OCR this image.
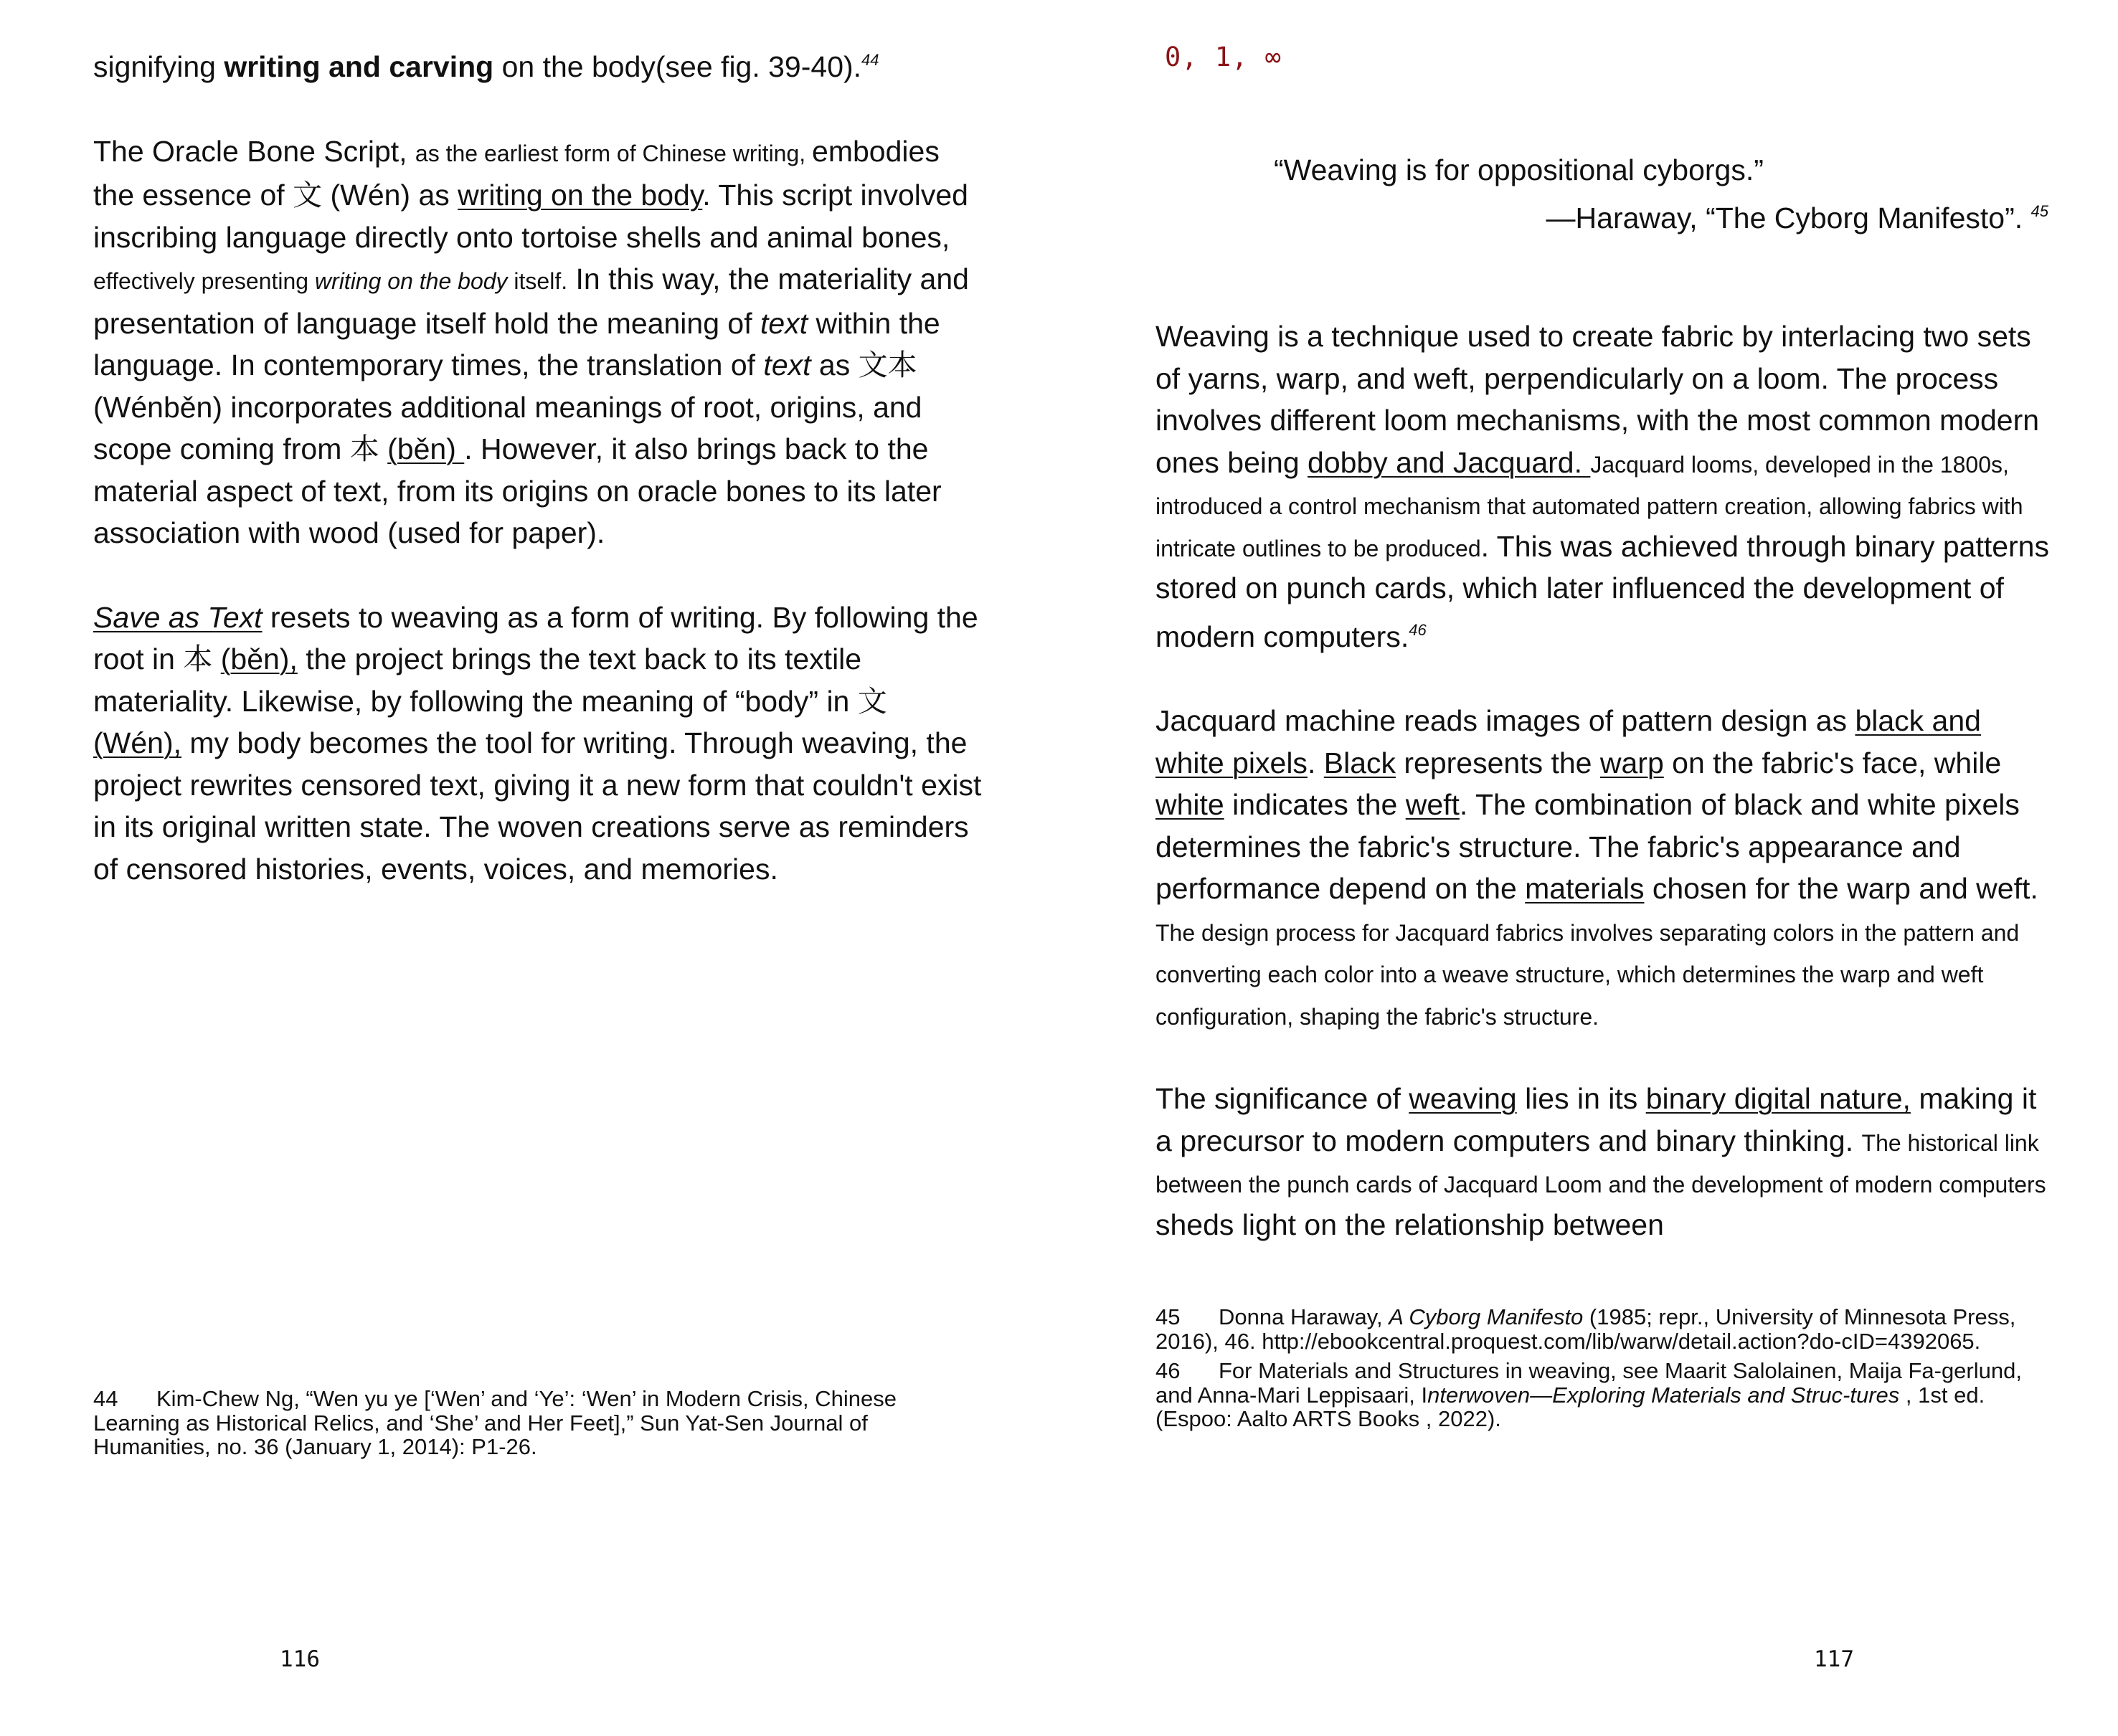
signifying writing and carving on the body(see fig. 39-40).$^{44}$

The Oracle Bone Script, as the earliest form of Chinese writing, embodies the essence of 文 (Wén) as writing on the body. This script involved inscribing language directly onto tortoise shells and animal bones, effectively presenting writing on the body itself. In this way, the materiality and presentation of language itself hold the meaning of text within the language. In contemporary times, the translation of text as 文本 (Wénběn) incorporates additional meanings of root, origins, and scope coming from 本 (běn) . However, it also brings back to the material aspect of text, from its origins on oracle bones to its later association with wood (used for paper).

Save as Text resets to weaving as a form of writing. By following the root in 本 (běn), the project brings the text back to its textile materiality. Likewise, by following the meaning of “body” in 文 (Wén), my body becomes the tool for writing. Through weaving, the project rewrites censored text, giving it a new form that couldn't exist in its original written state. The woven creations serve as reminders of censored histories, events, voices, and memories.

44 Kim-Chew Ng, “Wen yu ye [‘Wen’ and ‘Ye’: ‘Wen’ in Modern Crisis, Chinese Learning as Historical Relics, and ‘She’ and Her Feet],” Sun Yat-Sen Journal of Humanities, no. 36 (January 1, 2014): P1-26.
116
0, 1, ∞
“Weaving is for oppositional cyborgs.”
—Haraway, “The Cyborg Manifesto”. $^{45}$

Weaving is a technique used to create fabric by interlacing two sets of yarns, warp, and weft, perpendicularly on a loom. The process involves different loom mechanisms, with the most common modern ones being dobby and Jacquard. Jacquard looms, developed in the 1800s, introduced a control mechanism that automated pattern creation, allowing fabrics with intricate outlines to be produced. This was achieved through binary patterns stored on punch cards, which later influenced the development of modern computers.$^{46}$

Jacquard machine reads images of pattern design as black and white pixels. Black represents the warp on the fabric's face, while white indicates the weft. The combination of black and white pixels determines the fabric's structure. The fabric's appearance and performance depend on the materials chosen for the warp and weft. The design process for Jacquard fabrics involves separating colors in the pattern and converting each color into a weave structure, which determines the warp and weft configuration, shaping the fabric's structure.

The significance of weaving lies in its binary digital nature, making it a precursor to modern computers and binary thinking. The historical link between the punch cards of Jacquard Loom and the development of modern computers sheds light on the relationship between

45 Donna Haraway, A Cyborg Manifesto (1985; repr., University of Minnesota Press, 2016), 46. http://ebookcentral.proquest.com/lib/warw/detail.action?do-cID=4392065.
46 For Materials and Structures in weaving, see Maarit Salolainen, Maija Fa-gerlund, and Anna-Mari Leppisaari, Interwoven—Exploring Materials and Struc-tures , 1st ed. (Espoo: Aalto ARTS Books , 2022).
117
